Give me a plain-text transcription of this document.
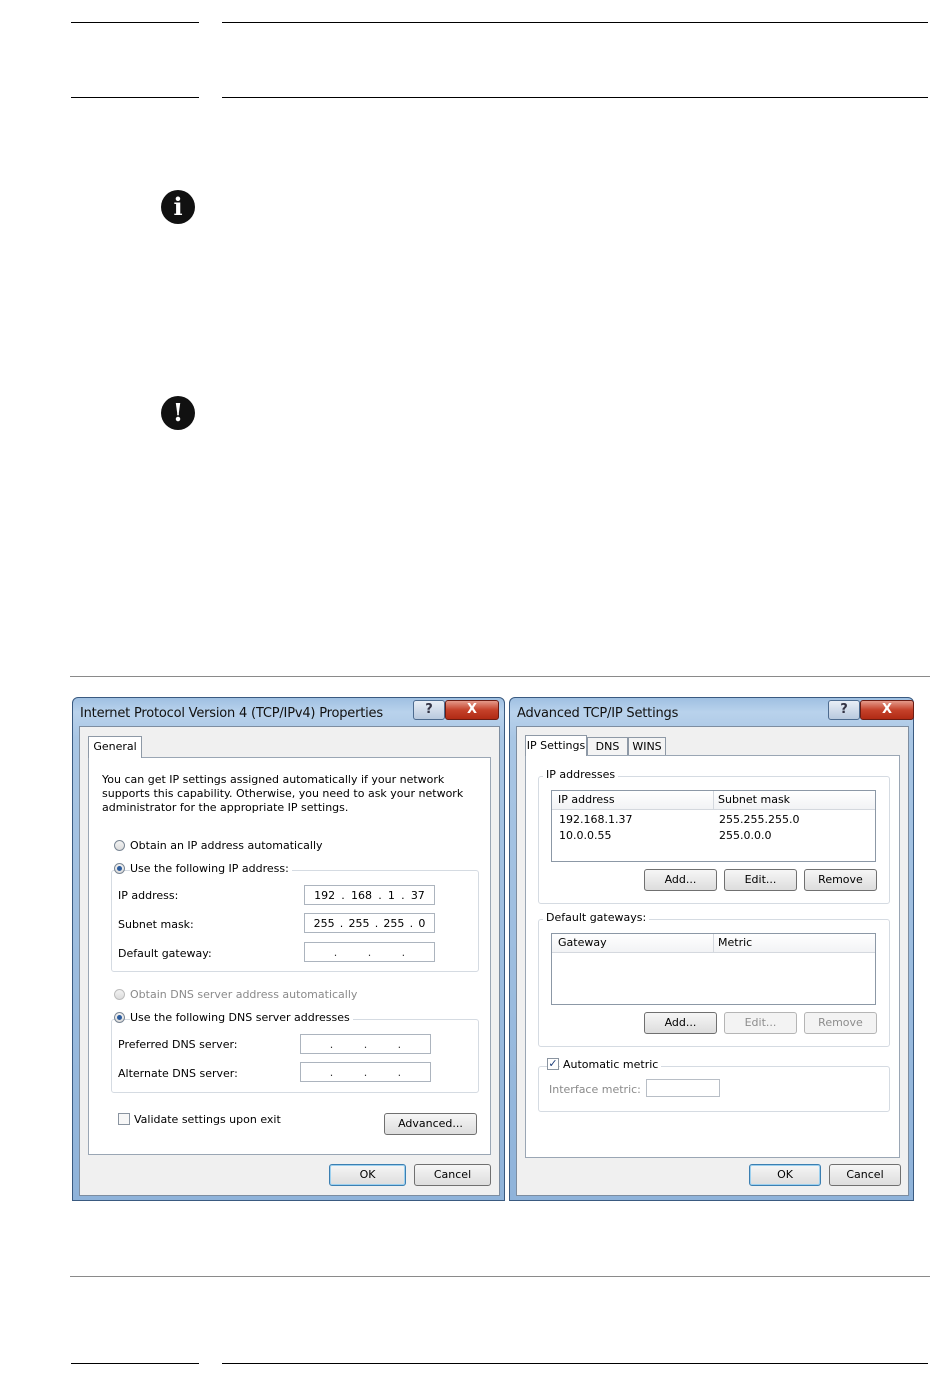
i
!
Internet Protocol Version 4 (TCP/IPv4) Properties	?	X
General
You can get IP settings assigned automatically if your network
supports this capability. Otherwise, you need to ask your network
administrator for the appropriate IP settings.
Obtain an IP address automatically
Use the following IP address:
IP address:	192 . 168 . 1 . 37
Subnet mask:	255 . 255 . 255 . 0
Default gateway:	.	.	.
Obtain DNS server address automatically
Use the following DNS server addresses
Preferred DNS server:	.	.	.
Alternate DNS server:	.	.	.
Validate settings upon exit	Advanced...
OK	Cancel
Advanced TCP/IP Settings	?	X
IP Settings DNS	WINS
IP addresses
IP address	Subnet mask
192.168.1.37	255.255.255.0
10.0.0.55	255.0.0.0
Add...	Edit...	Remove
Default gateways:
Gateway	Metric
Add...	Edit...	Remove
✓ Automatic metric
Interface metric:
OK	Cancel
